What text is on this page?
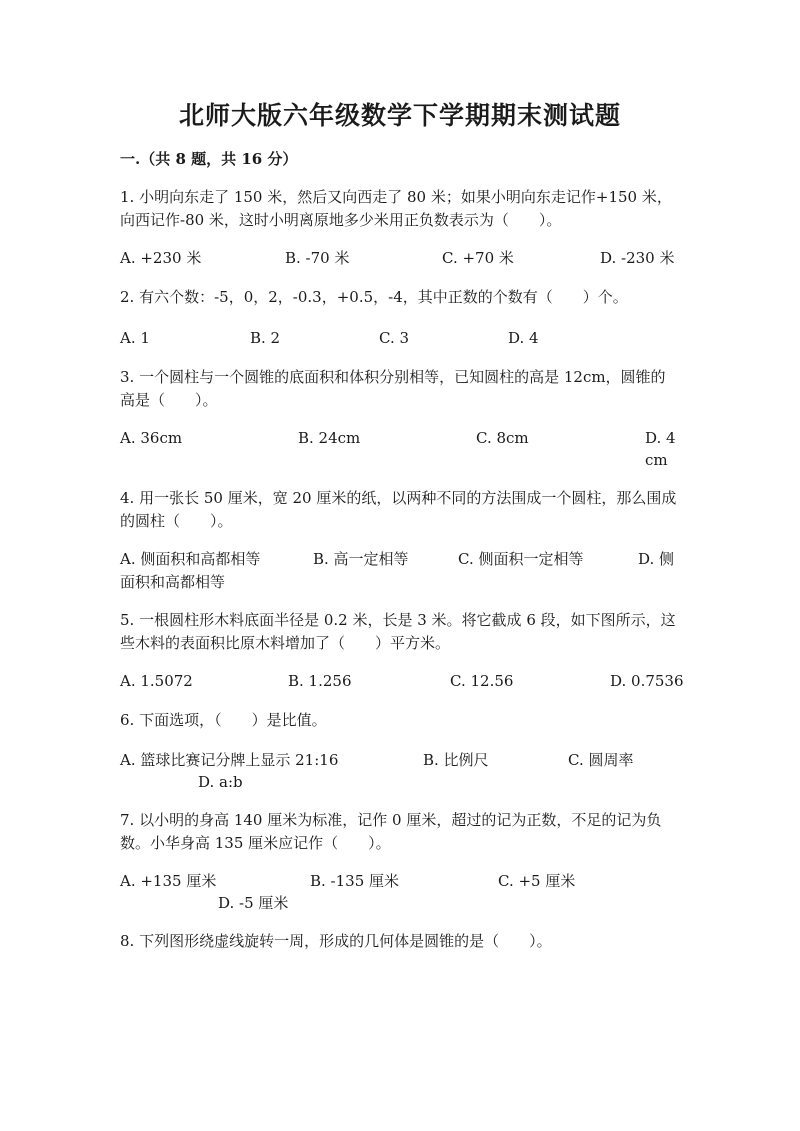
北师大版六年级数学下学期期末测试题
一.（共 8 题，共 16 分）
1. 小明向东走了 150 米，然后又向西走了 80 米；如果小明向东走记作+150 米，向西记作-80 米，这时小明离原地多少米用正负数表示为（　　）。
A. +230 米	B. -70 米	C. +70 米	D. -230 米
2. 有六个数：-5，0，2，-0.3，+0.5，-4，其中正数的个数有（　　）个。
A. 1	B. 2	C. 3	D. 4
3. 一个圆柱与一个圆锥的底面积和体积分别相等，已知圆柱的高是 12cm，圆锥的高是（　　）。
A. 36cm	B. 24cm	C. 8cm	D. 4cm
4. 用一张长 50 厘米，宽 20 厘米的纸，以两种不同的方法围成一个圆柱，那么围成的圆柱（　　）。
A. 侧面积和高都相等	B. 高一定相等	C. 侧面积一定相等	D. 侧面积和高都相等
5. 一根圆柱形木料底面半径是 0.2 米，长是 3 米。将它截成 6 段，如下图所示，这些木料的表面积比原木料增加了（　　）平方米。
A. 1.5072	B. 1.256	C. 12.56	D. 0.7536
6. 下面选项，（　　）是比值。
A. 篮球比赛记分牌上显示 21:16	B. 比例尺	C. 圆周率
D. a:b
7. 以小明的身高 140 厘米为标准，记作 0 厘米，超过的记为正数，不足的记为负数。小华身高 135 厘米应记作（　　）。
A. +135 厘米	B. -135 厘米	C. +5 厘米
D. -5 厘米
8. 下列图形绕虚线旋转一周，形成的几何体是圆锥的是（　　）。
